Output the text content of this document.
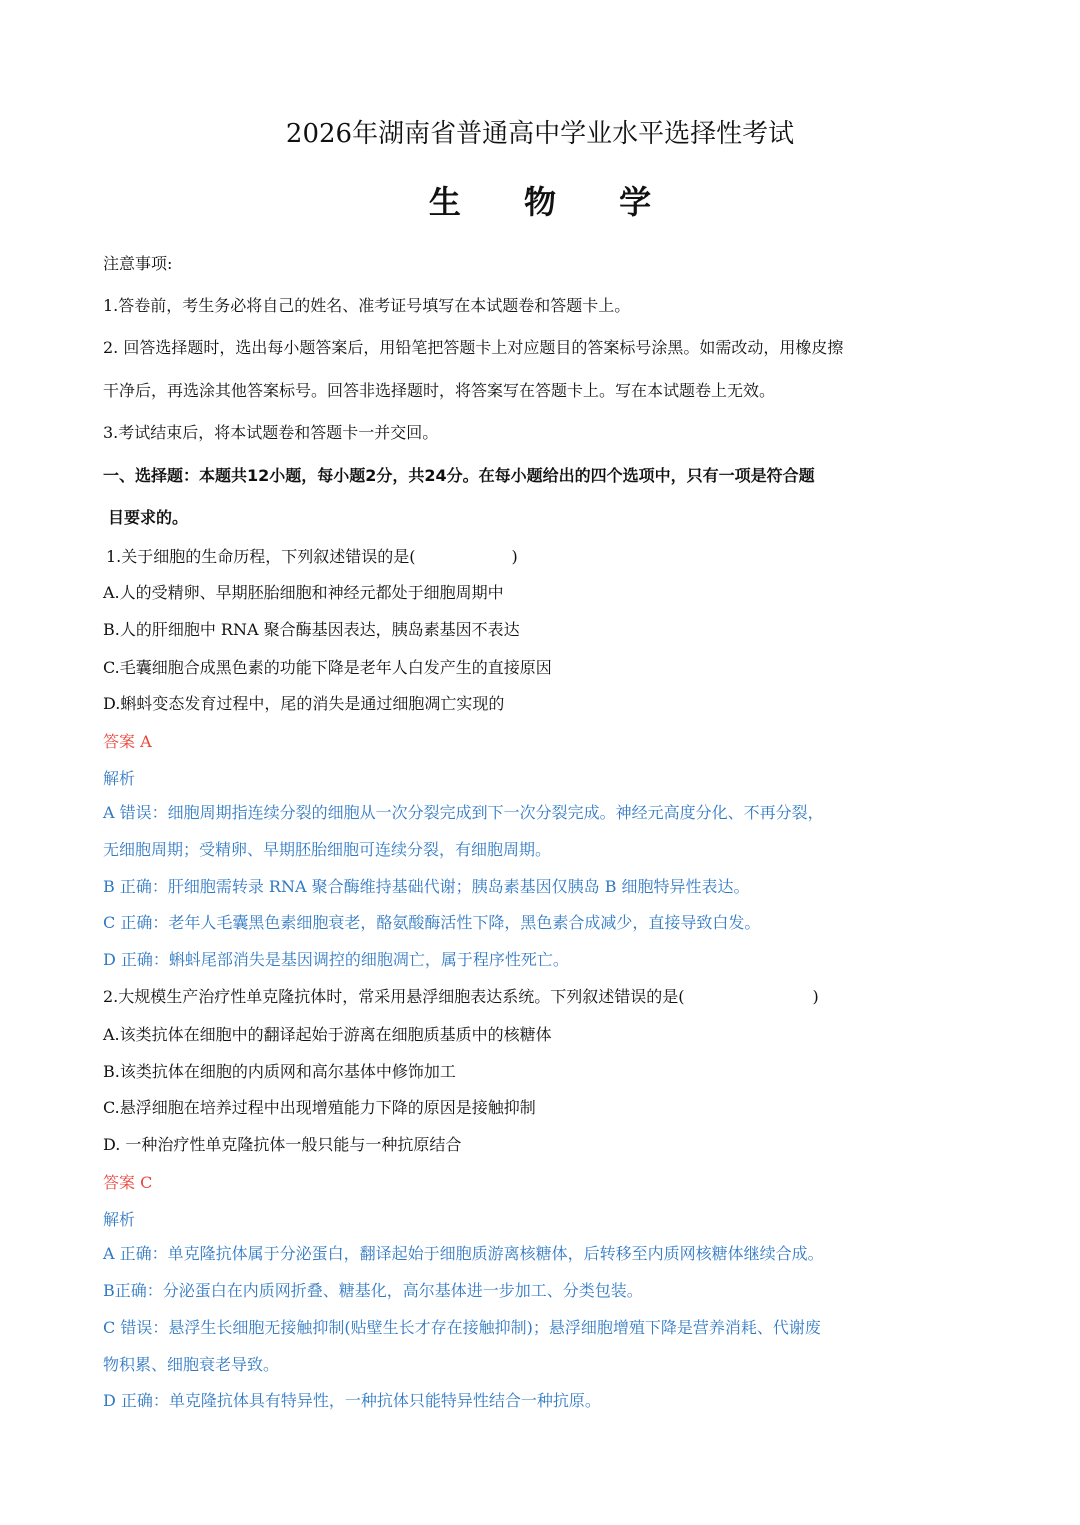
2026年湖南省普通高中学业水平选择性考试
生 物 学
注意事项:
1.答卷前，考生务必将自己的姓名、准考证号填写在本试题卷和答题卡上。
2. 回答选择题时，选出每小题答案后，用铅笔把答题卡上对应题目的答案标号涂黑。如需改动，用橡皮擦
干净后，再选涂其他答案标号。回答非选择题时，将答案写在答题卡上。写在本试题卷上无效。
3.考试结束后，将本试题卷和答题卡一并交回。
一、选择题：本题共12小题，每小题2分，共24分。在每小题给出的四个选项中，只有一项是符合题
目要求的。
1.关于细胞的生命历程，下列叙述错误的是(　　　　　　)
A.人的受精卵、早期胚胎细胞和神经元都处于细胞周期中
B.人的肝细胞中 RNA 聚合酶基因表达，胰岛素基因不表达
C.毛囊细胞合成黑色素的功能下降是老年人白发产生的直接原因
D.蝌蚪变态发育过程中，尾的消失是通过细胞凋亡实现的
答案 A
解析
A 错误：细胞周期指连续分裂的细胞从一次分裂完成到下一次分裂完成。神经元高度分化、不再分裂，
无细胞周期；受精卵、早期胚胎细胞可连续分裂，有细胞周期。
B 正确：肝细胞需转录 RNA 聚合酶维持基础代谢；胰岛素基因仅胰岛 B 细胞特异性表达。
C 正确：老年人毛囊黑色素细胞衰老，酪氨酸酶活性下降，黑色素合成减少，直接导致白发。
D 正确：蝌蚪尾部消失是基因调控的细胞凋亡，属于程序性死亡。
2.大规模生产治疗性单克隆抗体时，常采用悬浮细胞表达系统。下列叙述错误的是(　　　　　　　　)
A.该类抗体在细胞中的翻译起始于游离在细胞质基质中的核糖体
B.该类抗体在细胞的内质网和高尔基体中修饰加工
C.悬浮细胞在培养过程中出现增殖能力下降的原因是接触抑制
D. 一种治疗性单克隆抗体一般只能与一种抗原结合
答案 C
解析
A 正确：单克隆抗体属于分泌蛋白，翻译起始于细胞质游离核糖体，后转移至内质网核糖体继续合成。
B正确：分泌蛋白在内质网折叠、糖基化，高尔基体进一步加工、分类包装。
C 错误：悬浮生长细胞无接触抑制(贴壁生长才存在接触抑制)；悬浮细胞增殖下降是营养消耗、代谢废
物积累、细胞衰老导致。
D 正确：单克隆抗体具有特异性，一种抗体只能特异性结合一种抗原。
